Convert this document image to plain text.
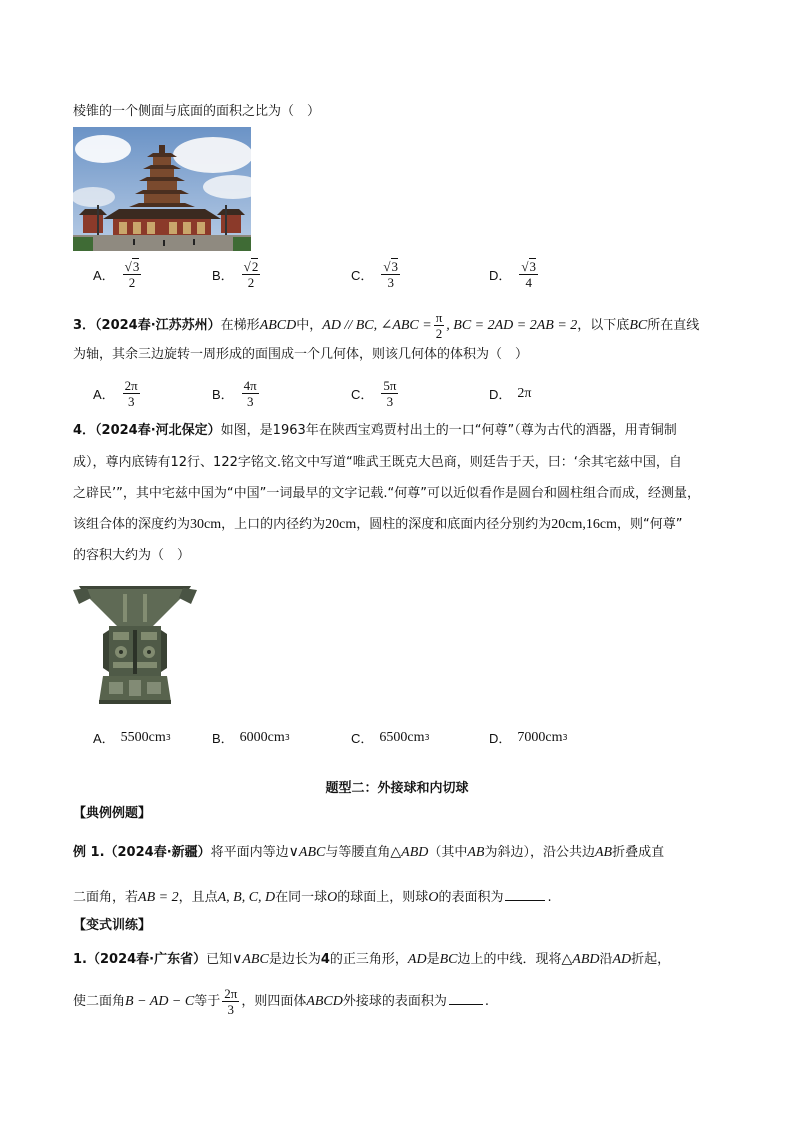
棱锥的一个侧面与底面的面积之比为（　）
A． $\frac{√3}{2}$	B． $\frac{√2}{2}$	C． $\frac{√3}{3}$	D． $\frac{√3}{4}$
3．（2024春·江苏苏州）在梯形ABCD中，AD // BC, ∠ABC = $\frac{\pi}{2}$ , BC = 2AD = 2AB = 2，以下底BC所在直线
为轴，其余三边旋转一周形成的面围成一个几何体，则该几何体的体积为（　）
A． $\frac{2\pi}{3}$	B． $\frac{4\pi}{3}$	C． $\frac{5\pi}{3}$	D． 2π
4．（2024春·河北保定）如图，是1963年在陕西宝鸡贾村出土的一口“何尊”（尊为古代的酒器，用青铜制
成），尊内底铸有12行、122字铭文.铭文中写道“唯武王既克大邑商，则廷告于天，曰：‘余其宅兹中国，自
之辟民’”，其中宅兹中国为“中国”一词最早的文字记载.“何尊”可以近似看作是圆台和圆柱组合而成，经测量，
该组合体的深度约为30cm，上口的内径约为20cm，圆柱的深度和底面内径分别约为20cm,16cm，则“何尊”
的容积大约为（　）
A． 5500cm 3	B． 6000cm 3	C． 6500cm 3	D． 7000cm 3
题型二：外接球和内切球
【典例例题】
例 1.（2024春·新疆）将平面内等边∨ABC与等腰直角△ABD（其中AB为斜边），沿公共边AB折叠成直
二面角，若AB = 2，且点A, B, C, D在同一球O的球面上，则球O的表面积为	.
【变式训练】
1.（2024春·广东省）已知∨ABC是边长为4的正三角形，AD是BC边上的中线．现将△ABD沿AD折起，
使二面角B − AD − C等于 $\frac{2\pi}{3}$ ，则四面体ABCD外接球的表面积为	.
